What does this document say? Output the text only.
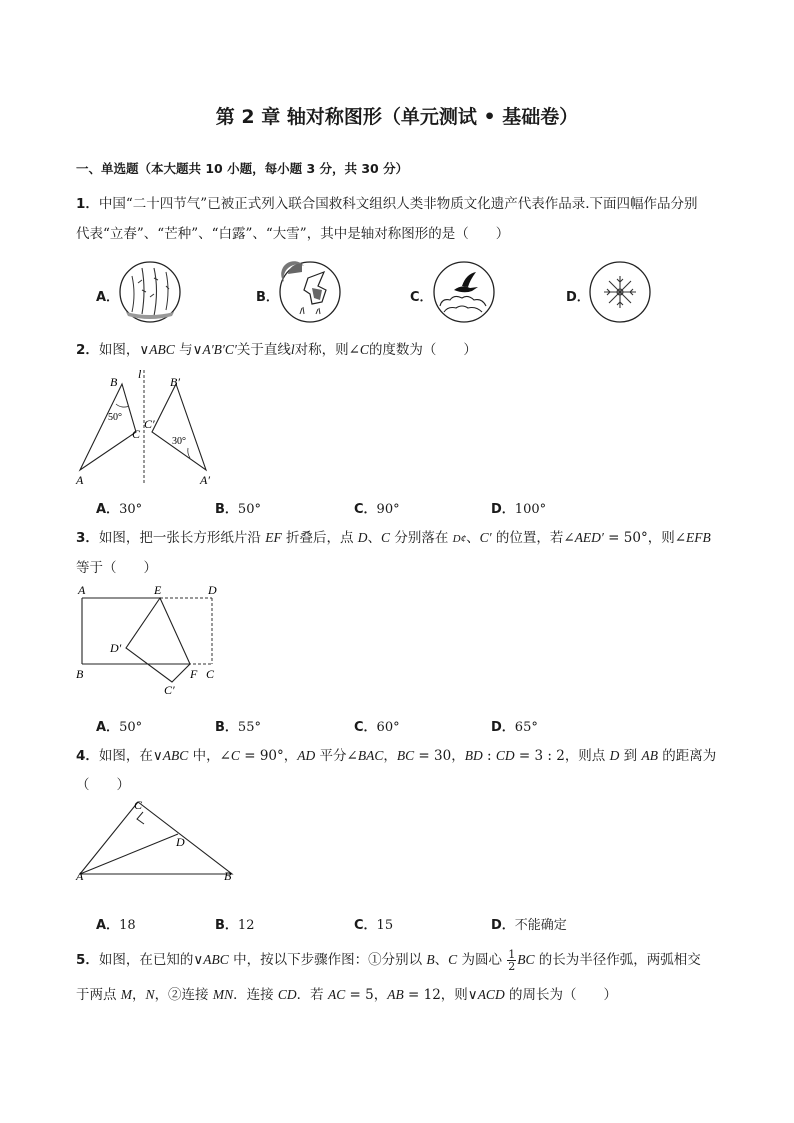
第 2 章 轴对称图形（单元测试 • 基础卷）
一、单选题（本大题共 10 小题，每小题 3 分，共 30 分）
1．中国“二十四节气”已被正式列入联合国救科文组织人类非物质文化遗产代表作品录.下面四幅作品分别
代表“立春”、“芒种”、“白露”、“大雪”，其中是轴对称图形的是（　　）
A．	B．	C．	D．
2．如图，∨ABC 与∨A′B′C′关于直线l对称，则∠C的度数为（　　）
B
l
50°
C
A
B′
C′
30°
A′
A．30°	B．50°	C．90°	D．100°
3．如图，把一张长方形纸片沿 EF 折叠后，点 D、C 分别落在 D¢、C′ 的位置，若∠AED′ = 50°，则∠EFB
等于（　　）
A	E	D
D′
B	F C
C′
A．50°	B．55°	C．60°	D．65°
4．如图，在∨ABC 中，∠C = 90°，AD 平分∠BAC，BC = 30，BD : CD = 3 : 2，则点 D 到 AB 的距离为
（　　）
C
D
A	B
A．18	B．12	C．15	D．不能确定
5．如图，在已知的∨ABC 中，按以下步骤作图：①分别以 B、C 为圆心 $\frac{1}{2}$ BC 的长为半径作弧，两弧相交
于两点 M，N，②连接 MN．连接 CD．若 AC = 5，AB = 12，则∨ACD 的周长为（　　）
